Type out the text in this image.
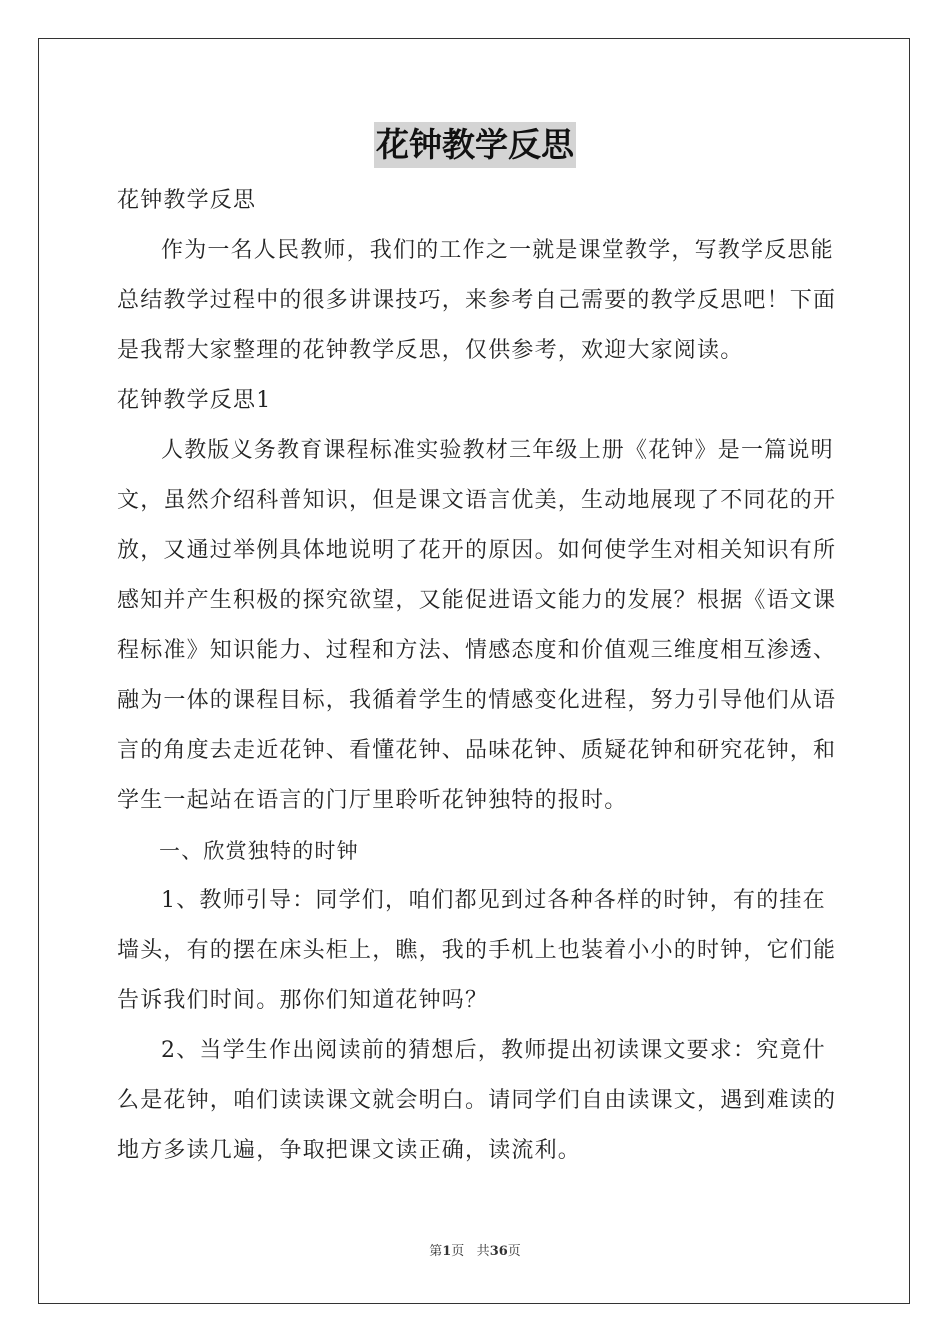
花钟教学反思

花钟教学反思

作为一名人民教师，我们的工作之一就是课堂教学，写教学反思能总结教学过程中的很多讲课技巧，来参考自己需要的教学反思吧！下面是我帮大家整理的花钟教学反思，仅供参考，欢迎大家阅读。

花钟教学反思1

人教版义务教育课程标准实验教材三年级上册《花钟》是一篇说明文，虽然介绍科普知识，但是课文语言优美，生动地展现了不同花的开放，又通过举例具体地说明了花开的原因。如何使学生对相关知识有所感知并产生积极的探究欲望，又能促进语文能力的发展？根据《语文课程标准》知识能力、过程和方法、情感态度和价值观三维度相互渗透、融为一体的课程目标，我循着学生的情感变化进程，努力引导他们从语言的角度去走近花钟、看懂花钟、品味花钟、质疑花钟和研究花钟，和学生一起站在语言的门厅里聆听花钟独特的报时。

一、欣赏独特的时钟

1、教师引导：同学们，咱们都见到过各种各样的时钟，有的挂在墙头，有的摆在床头柜上，瞧，我的手机上也装着小小的时钟，它们能告诉我们时间。那你们知道花钟吗？

2、当学生作出阅读前的猜想后，教师提出初读课文要求：究竟什么是花钟，咱们读读课文就会明白。请同学们自由读课文，遇到难读的地方多读几遍，争取把课文读正确，读流利。

第1页 共36页
